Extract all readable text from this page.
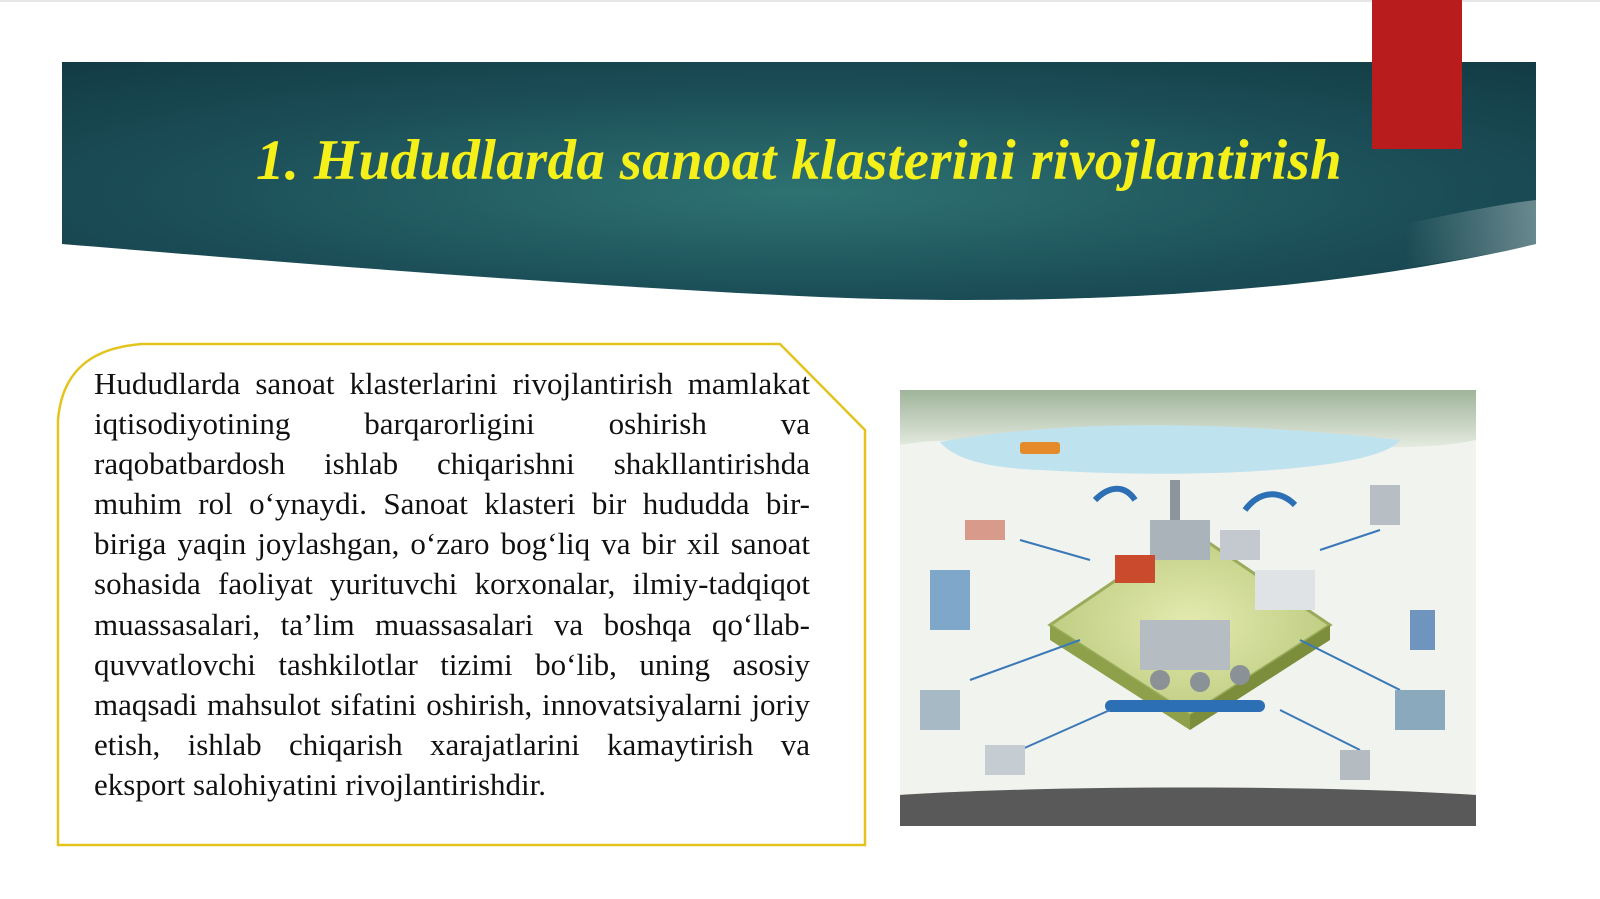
1. Hududlarda sanoat klasterini rivojlantirish

Hududlarda sanoat klasterlarini rivojlantirish mamlakat iqtisodiyotining barqarorligini oshirish va raqobatbardosh ishlab chiqarishni shakllantirishda muhim rol o‘ynaydi. Sanoat klasteri bir hududda bir-biriga yaqin joylashgan, o‘zaro bog‘liq va bir xil sanoat sohasida faoliyat yurituvchi korxonalar, ilmiy-tadqiqot muassasalari, ta’lim muassasalari va boshqa qo‘llab-quvvatlovchi tashkilotlar tizimi bo‘lib, uning asosiy maqsadi mahsulot sifatini oshirish, innovatsiyalarni joriy etish, ishlab chiqarish xarajatlarini kamaytirish va eksport salohiyatini rivojlantirishdir.
